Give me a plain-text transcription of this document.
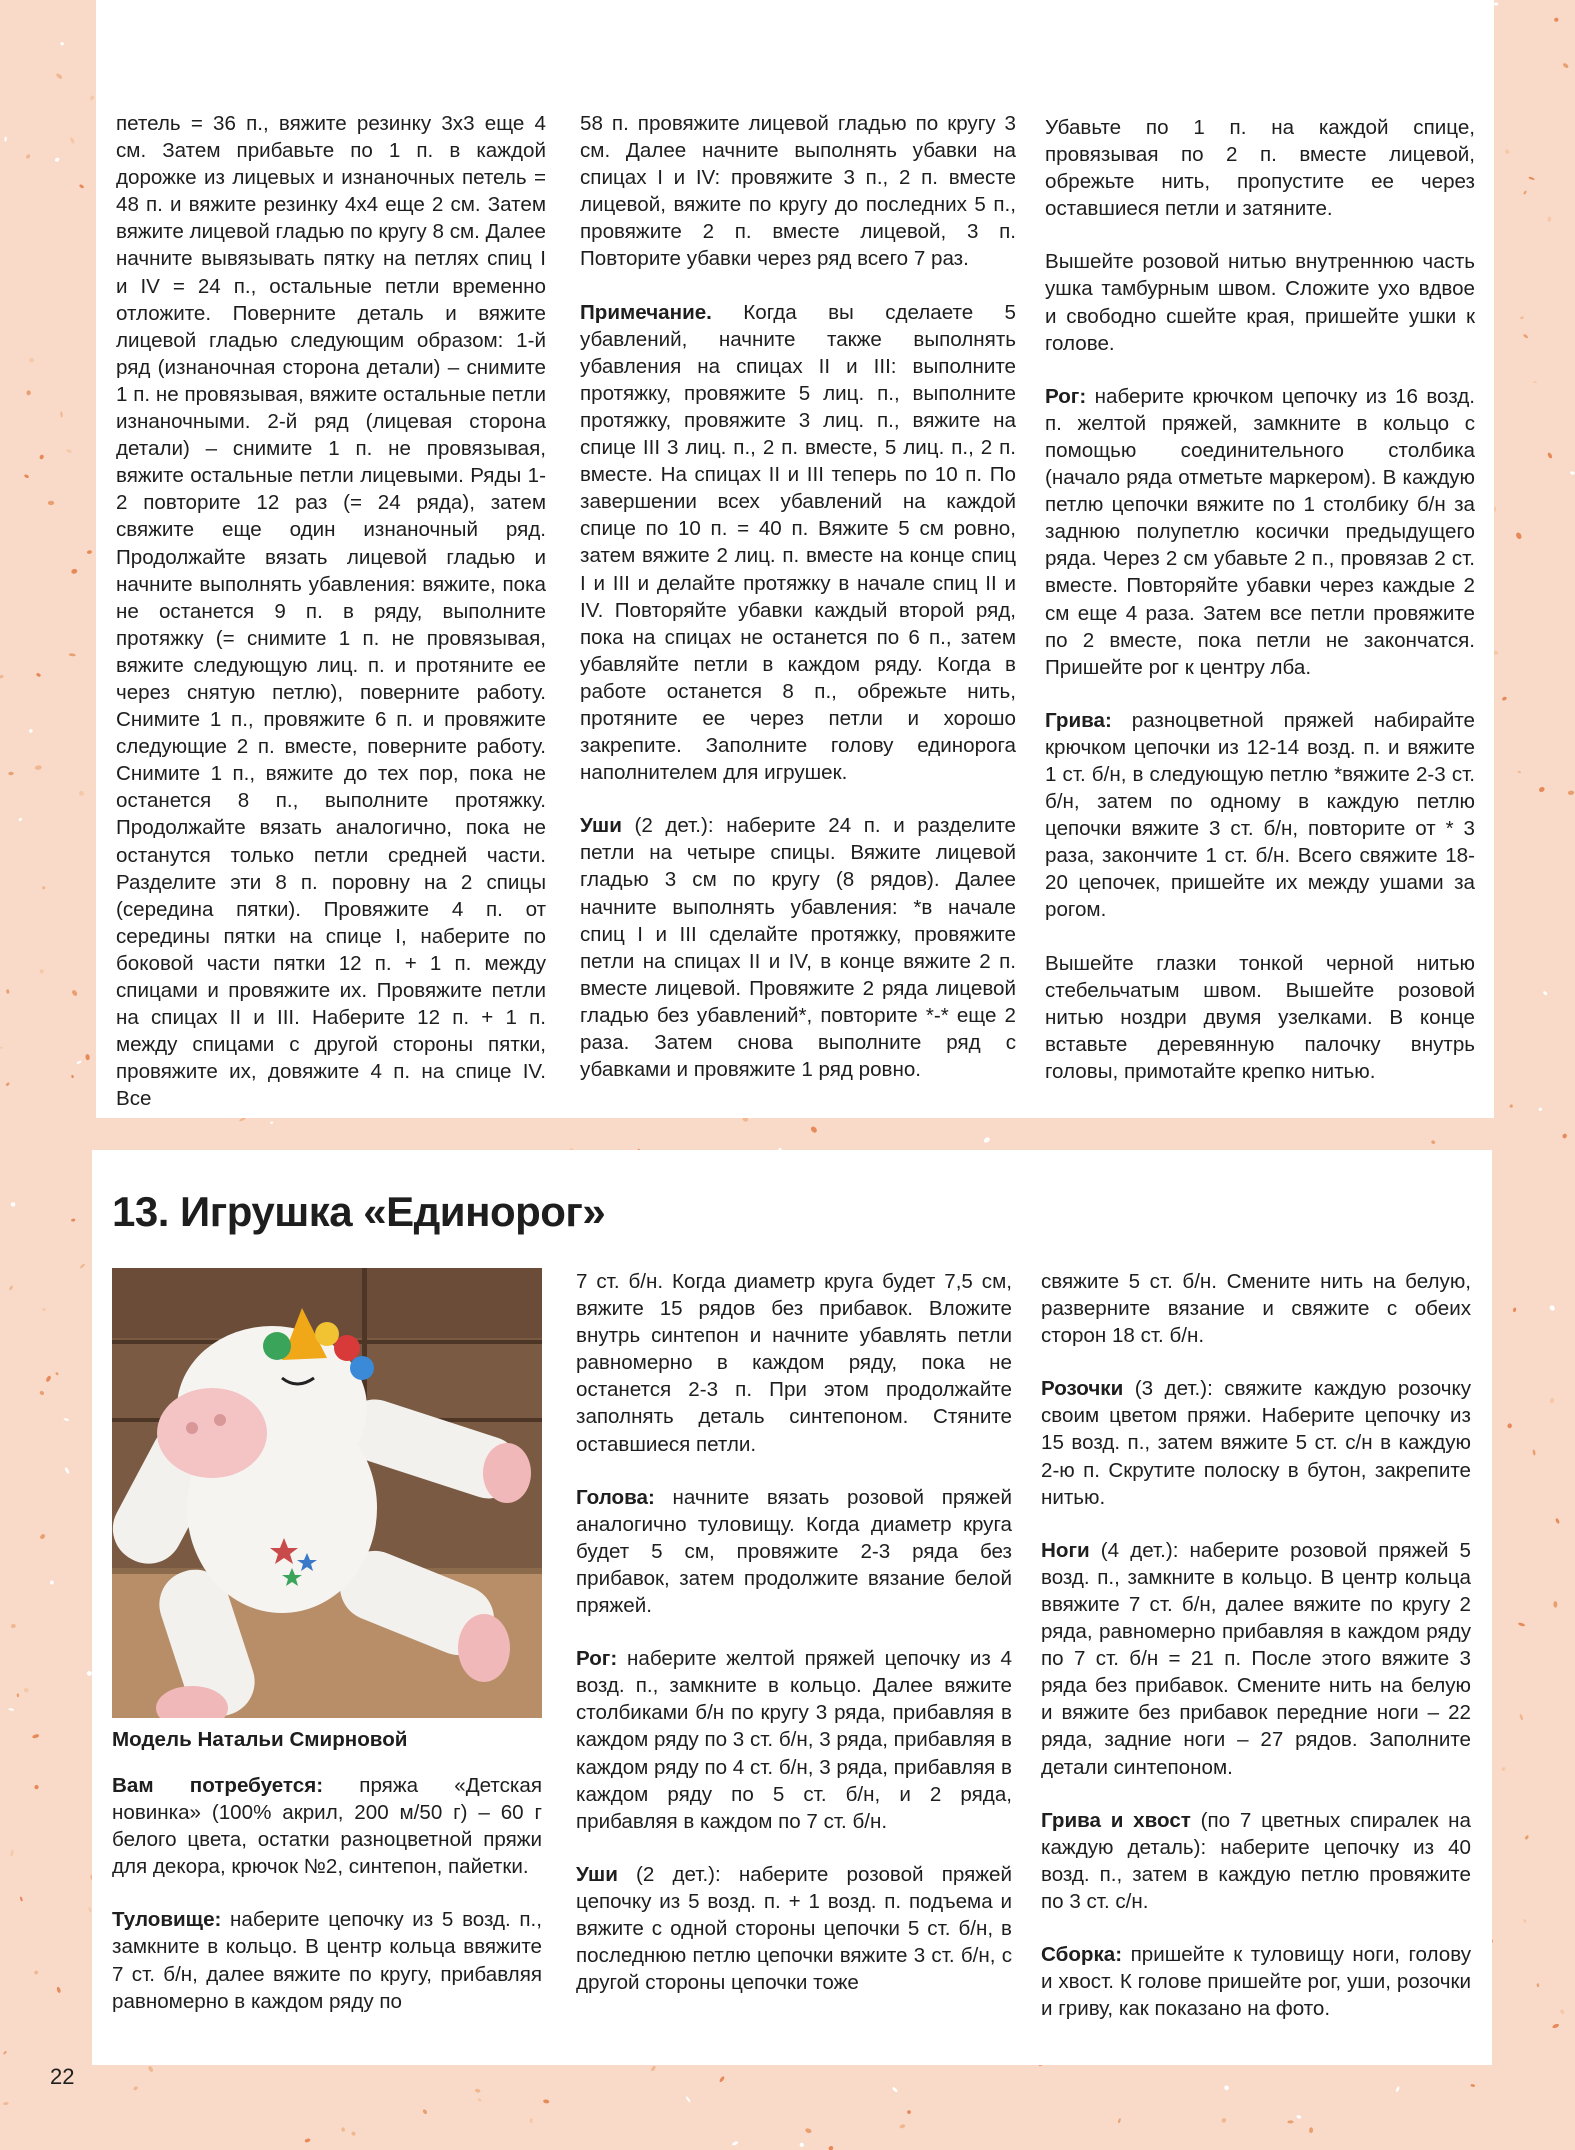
петель = 36 п., вяжите резинку 3х3 еще 4 см. Затем прибавьте по 1 п. в каждой дорожке из лицевых и изнаночных петель = 48 п. и вяжите резинку 4х4 еще 2 см. Затем вяжите лицевой гладью по кругу 8 см. Далее начните вывязывать пятку на петлях спиц I и IV = 24 п., остальные петли временно отложите. Поверните деталь и вяжите лицевой гладью следующим образом: 1-й ряд (изнаночная сторона детали) – снимите 1 п. не провязывая, вяжите остальные петли изнаночными. 2-й ряд (лицевая сторона детали) – снимите 1 п. не провязывая, вяжите остальные петли лицевыми. Ряды 1-2 повторите 12 раз (= 24 ряда), затем свяжите еще один изнаночный ряд. Продолжайте вязать лицевой гладью и начните выполнять убавления: вяжите, пока не останется 9 п. в ряду, выполните протяжку (= снимите 1 п. не провязывая, вяжите следующую лиц. п. и протяните ее через снятую петлю), поверните работу. Снимите 1 п., провяжите 6 п. и провяжите следующие 2 п. вместе, поверните работу. Снимите 1 п., вяжите до тех пор, пока не останется 8 п., выполните протяжку. Продолжайте вязать аналогично, пока не останутся только петли средней части. Разделите эти 8 п. поровну на 2 спицы (середина пятки). Провяжите 4 п. от середины пятки на спице I, наберите по боковой части пятки 12 п. + 1 п. между спицами и провяжите их. Провяжите петли на спицах II и III. Наберите 12 п. + 1 п. между спицами с другой стороны пятки, провяжите их, довяжите 4 п. на спице IV. Все

58 п. провяжите лицевой гладью по кругу 3 см. Далее начните выполнять убавки на спицах I и IV: провяжите 3 п., 2 п. вместе лицевой, вяжите по кругу до последних 5 п., провяжите 2 п. вместе лицевой, 3 п. Повторите убавки через ряд всего 7 раз.

Примечание. Когда вы сделаете 5 убавлений, начните также выполнять убавления на спицах II и III: выполните протяжку, провяжите 5 лиц. п., выполните протяжку, провяжите 3 лиц. п., вяжите на спице III 3 лиц. п., 2 п. вместе, 5 лиц. п., 2 п. вместе. На спицах II и III теперь по 10 п. По завершении всех убавлений на каждой спице по 10 п. = 40 п. Вяжите 5 см ровно, затем вяжите 2 лиц. п. вместе на конце спиц I и III и делайте протяжку в начале спиц II и IV. Повторяйте убавки каждый второй ряд, пока на спицах не останется по 6 п., затем убавляйте петли в каждом ряду. Когда в работе останется 8 п., обрежьте нить, протяните ее через петли и хорошо закрепите. Заполните голову единорога наполнителем для игрушек.

Уши (2 дет.): наберите 24 п. и разделите петли на четыре спицы. Вяжите лицевой гладью 3 см по кругу (8 рядов). Далее начните выполнять убавления: *в начале спиц I и III сделайте протяжку, провяжите петли на спицах II и IV, в конце вяжите 2 п. вместе лицевой. Провяжите 2 ряда лицевой гладью без убавлений*, повторите *-* еще 2 раза. Затем снова выполните ряд с убавками и провяжите 1 ряд ровно.

Убавьте по 1 п. на каждой спице, провязывая по 2 п. вместе лицевой, обрежьте нить, пропустите ее через оставшиеся петли и затяните.

Вышейте розовой нитью внутреннюю часть ушка тамбурным швом. Сложите ухо вдвое и свободно сшейте края, пришейте ушки к голове.

Рог: наберите крючком цепочку из 16 возд. п. желтой пряжей, замкните в кольцо с помощью соединительного столбика (начало ряда отметьте маркером). В каждую петлю цепочки вяжите по 1 столбику б/н за заднюю полупетлю косички предыдущего ряда. Через 2 см убавьте 2 п., провязав 2 ст. вместе. Повторяйте убавки через каждые 2 см еще 4 раза. Затем все петли провяжите по 2 вместе, пока петли не закончатся. Пришейте рог к центру лба.

Грива: разноцветной пряжей набирайте крючком цепочки из 12-14 возд. п. и вяжите 1 ст. б/н, в следующую петлю *вяжите 2-3 ст. б/н, затем по одному в каждую петлю цепочки вяжите 3 ст. б/н, повторите от * 3 раза, закончите 1 ст. б/н. Всего свяжите 18-20 цепочек, пришейте их между ушами за рогом.

Вышейте глазки тонкой черной нитью стебельчатым швом. Вышейте розовой нитью ноздри двумя узелками. В конце вставьте деревянную палочку внутрь головы, примотайте крепко нитью.

13. Игрушка «Единорог»
Модель Натальи Смирновой

Вам потребуется: пряжа «Детская новинка» (100% акрил, 200 м/50 г) – 60 г белого цвета, остатки разноцветной пряжи для декора, крючок №2, синтепон, пайетки.

Туловище: наберите цепочку из 5 возд. п., замкните в кольцо. В центр кольца ввяжите 7 ст. б/н, далее вяжите по кругу, прибавляя равномерно в каждом ряду по

7 ст. б/н. Когда диаметр круга будет 7,5 см, вяжите 15 рядов без прибавок. Вложите внутрь синтепон и начните убавлять петли равномерно в каждом ряду, пока не останется 2-3 п. При этом продолжайте заполнять деталь синтепоном. Стяните оставшиеся петли.

Голова: начните вязать розовой пряжей аналогично туловищу. Когда диаметр круга будет 5 см, провяжите 2-3 ряда без прибавок, затем продолжите вязание белой пряжей.

Рог: наберите желтой пряжей цепочку из 4 возд. п., замкните в кольцо. Далее вяжите столбиками б/н по кругу 3 ряда, прибавляя в каждом ряду по 3 ст. б/н, 3 ряда, прибавляя в каждом ряду по 4 ст. б/н, 3 ряда, прибавляя в каждом ряду по 5 ст. б/н, и 2 ряда, прибавляя в каждом по 7 ст. б/н.

Уши (2 дет.): наберите розовой пряжей цепочку из 5 возд. п. + 1 возд. п. подъема и вяжите с одной стороны цепочки 5 ст. б/н, в последнюю петлю цепочки вяжите 3 ст. б/н, с другой стороны цепочки тоже

свяжите 5 ст. б/н. Смените нить на белую, разверните вязание и свяжите с обеих сторон 18 ст. б/н.

Розочки (3 дет.): свяжите каждую розочку своим цветом пряжи. Наберите цепочку из 15 возд. п., затем вяжите 5 ст. с/н в каждую 2-ю п. Скрутите полоску в бутон, закрепите нитью.

Ноги (4 дет.): наберите розовой пряжей 5 возд. п., замкните в кольцо. В центр кольца ввяжите 7 ст. б/н, далее вяжите по кругу 2 ряда, равномерно прибавляя в каждом ряду по 7 ст. б/н = 21 п. После этого вяжите 3 ряда без прибавок. Смените нить на белую и вяжите без прибавок передние ноги – 22 ряда, задние ноги – 27 рядов. Заполните детали синтепоном.

Грива и хвост (по 7 цветных спиралек на каждую деталь): наберите цепочку из 40 возд. п., затем в каждую петлю провяжите по 3 ст. с/н.

Сборка: пришейте к туловищу ноги, голову и хвост. К голове пришейте рог, уши, розочки и гриву, как показано на фото.

22
